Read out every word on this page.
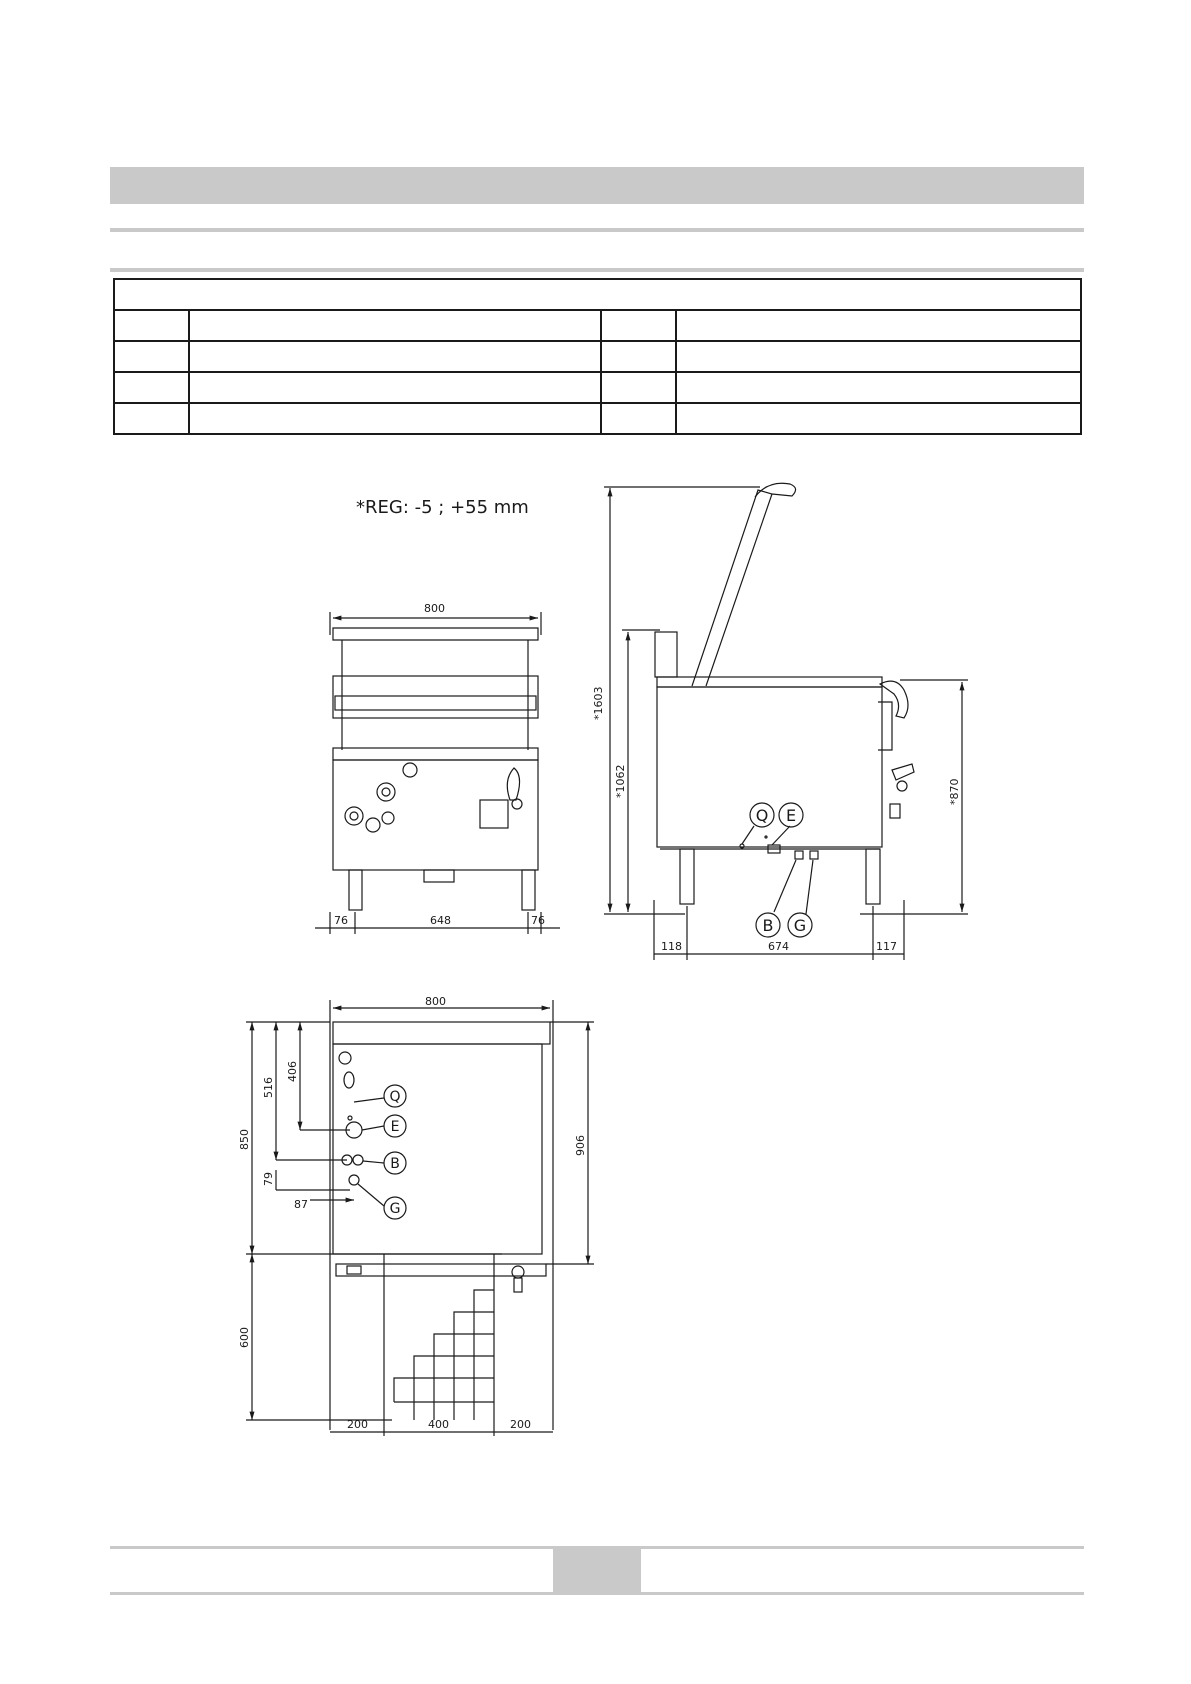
*REG: -5 ; +55 mm
800
76	648	76
*1603
*1062	*870
118	674	117
Q E
B G
800
850
516
406
79
87
906
600
200	400	200
Q
E
B
G
